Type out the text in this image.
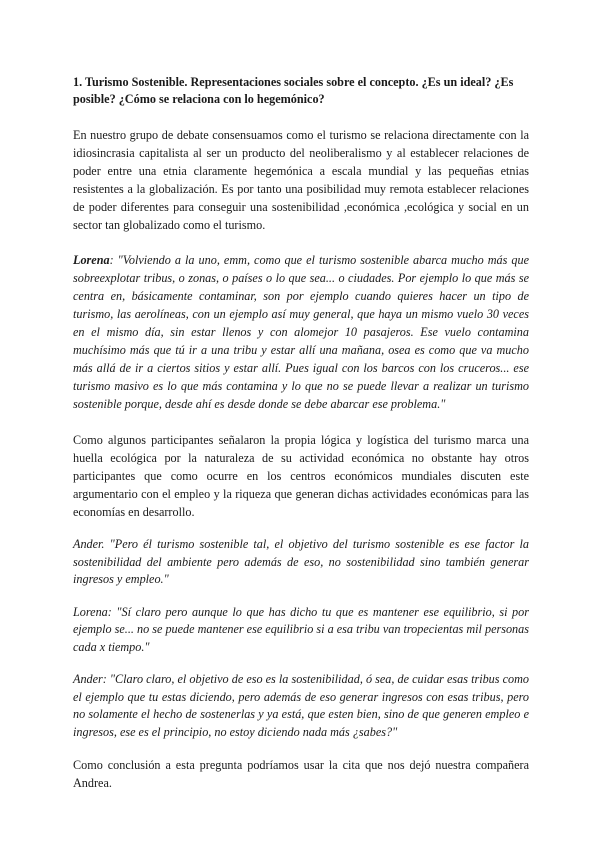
1. Turismo Sostenible. Representaciones sociales sobre el concepto. ¿Es un ideal? ¿Es posible? ¿Cómo se relaciona con lo hegemónico?

En nuestro grupo de debate consensuamos como el turismo se relaciona directamente con la idiosincrasia capitalista al ser un producto del neoliberalismo y al establecer relaciones de poder entre una etnia claramente hegemónica a escala mundial y las pequeñas etnias resistentes a la globalización. Es por tanto una posibilidad muy remota establecer relaciones de poder diferentes para conseguir una sostenibilidad ,económica ,ecológica y social en un sector tan globalizado como el turismo.

Lorena: "Volviendo a la uno, emm, como que el turismo sostenible abarca mucho más que sobreexplotar tribus, o zonas, o países o lo que sea... o ciudades. Por ejemplo lo que más se centra en, básicamente contaminar, son por ejemplo cuando quieres hacer un tipo de turismo, las aerolíneas, con un ejemplo así muy general, que haya un mismo vuelo 30 veces en el mismo día, sin estar llenos y con alomejor 10 pasajeros. Ese vuelo contamina muchísimo más que tú ir a una tribu y estar allí una mañana, osea es como que va mucho más allá de ir a ciertos sitios y estar allí. Pues igual con los barcos con los cruceros... ese turismo masivo es lo que más contamina y lo que no se puede llevar a realizar un turismo sostenible porque, desde ahí es desde donde se debe abarcar ese problema."

Como algunos participantes señalaron la propia lógica y logística del turismo marca una huella ecológica por la naturaleza de su actividad económica no obstante hay otros participantes que como ocurre en los centros económicos mundiales discuten este argumentario con el empleo y la riqueza que generan dichas actividades económicas para las economías en desarrollo.

Ander. "Pero él turismo sostenible tal, el objetivo del turismo sostenible es ese factor la sostenibilidad del ambiente pero además de eso, no sostenibilidad sino también generar ingresos y empleo."

Lorena: "Sí claro pero aunque lo que has dicho tu que es mantener ese equilibrio, si por ejemplo se... no se puede mantener ese equilibrio si a esa tribu van tropecientas mil personas cada x tiempo."

Ander: "Claro claro, el objetivo de eso es la sostenibilidad, ó sea, de cuidar esas tribus como el ejemplo que tu estas diciendo, pero además de eso generar ingresos con esas tribus, pero no solamente el hecho de sostenerlas y ya está, que esten bien, sino de que generen empleo e ingresos, ese es el principio, no estoy diciendo nada más ¿sabes?"

Como conclusión a esta pregunta podríamos usar la cita que nos dejó nuestra compañera Andrea.
